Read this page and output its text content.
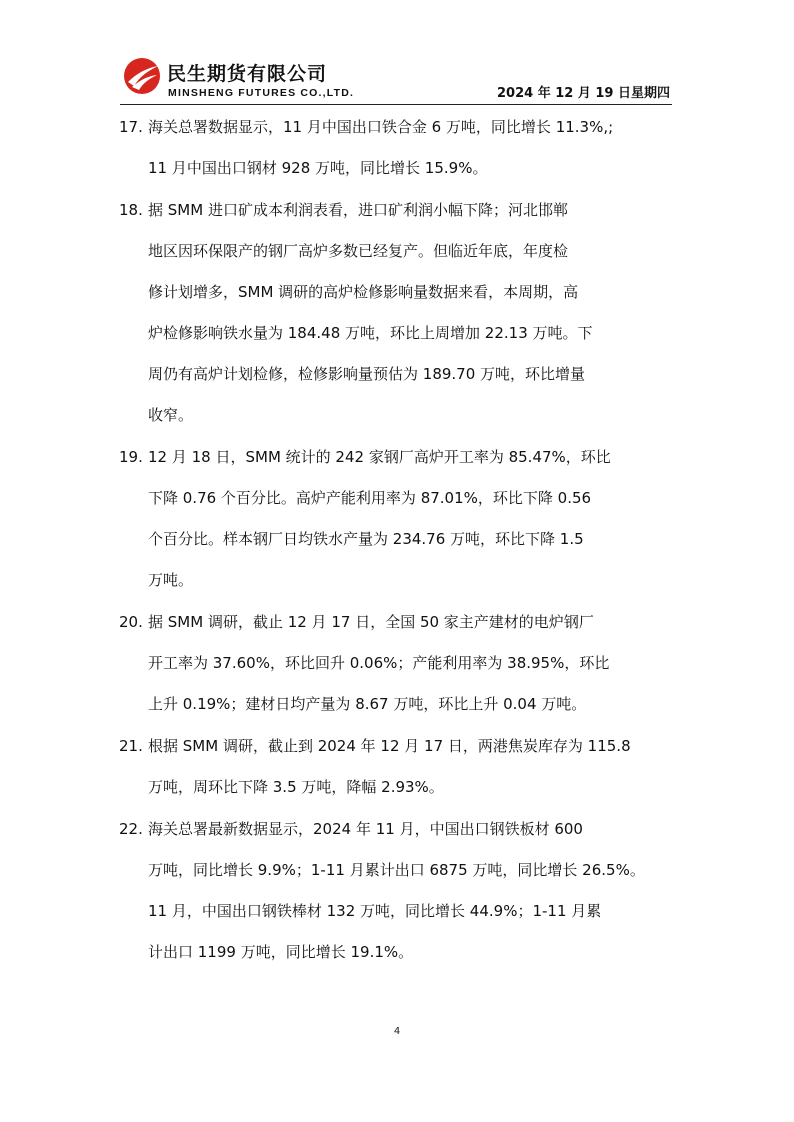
民生期货有限公司
MINSHENG FUTURES CO.,LTD.	2024 年 12 月 19 日星期四
17. 海关总署数据显示，11 月中国出口铁合金 6 万吨，同比增长 11.3%,;
11 月中国出口钢材 928 万吨，同比增长 15.9%。
18. 据 SMM 进口矿成本利润表看，进口矿利润小幅下降；河北邯郸
地区因环保限产的钢厂高炉多数已经复产。但临近年底，年度检
修计划增多，SMM 调研的高炉检修影响量数据来看，本周期，高
炉检修影响铁水量为 184.48 万吨，环比上周增加 22.13 万吨。下
周仍有高炉计划检修，检修影响量预估为 189.70 万吨，环比增量
收窄。
19. 12 月 18 日，SMM 统计的 242 家钢厂高炉开工率为 85.47%，环比
下降 0.76 个百分比。高炉产能利用率为 87.01%，环比下降 0.56
个百分比。样本钢厂日均铁水产量为 234.76 万吨，环比下降 1.5
万吨。
20. 据 SMM 调研，截止 12 月 17 日，全国 50 家主产建材的电炉钢厂
开工率为 37.60%，环比回升 0.06%；产能利用率为 38.95%，环比
上升 0.19%；建材日均产量为 8.67 万吨，环比上升 0.04 万吨。
21. 根据 SMM 调研，截止到 2024 年 12 月 17 日，两港焦炭库存为 115.8
万吨，周环比下降 3.5 万吨，降幅 2.93%。
22. 海关总署最新数据显示，2024 年 11 月，中国出口钢铁板材 600
万吨，同比增长 9.9%；1-11 月累计出口 6875 万吨，同比增长 26.5%。
11 月，中国出口钢铁棒材 132 万吨，同比增长 44.9%；1-11 月累
计出口 1199 万吨，同比增长 19.1%。
4
